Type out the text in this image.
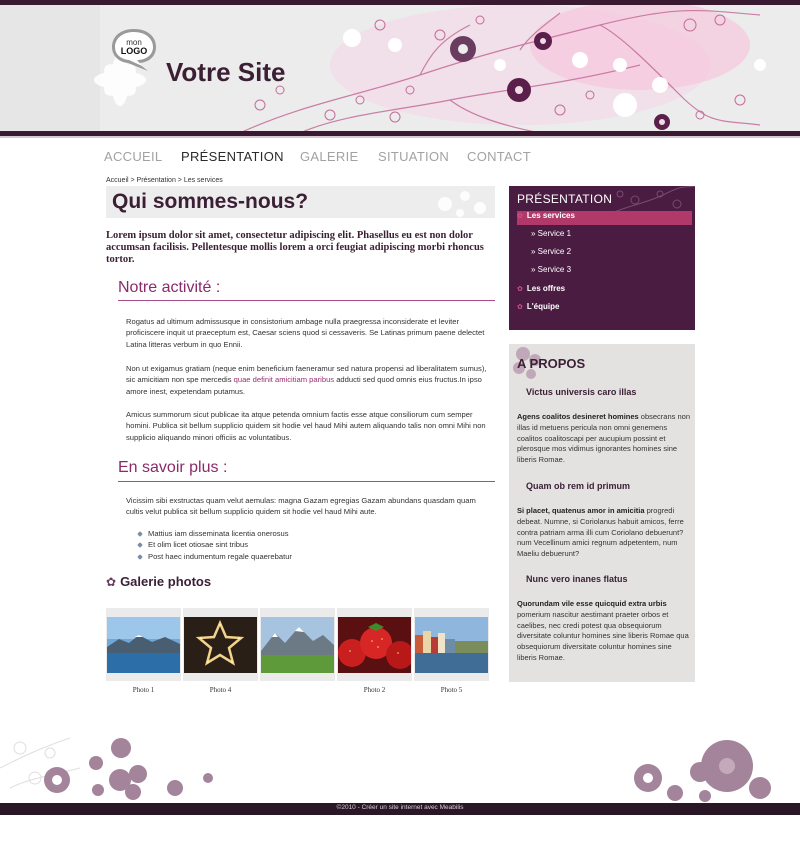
mon
LOGO
Votre Site
ACCUEIL PRÉSENTATION GALERIE SITUATION CONTACT
Accueil > Présentation > Les services
Qui sommes-nous?
Lorem ipsum dolor sit amet, consectetur adipiscing elit. Phasellus eu est non dolor accumsan facilisis. Pellentesque mollis lorem a orci feugiat adipiscing morbi rhoncus tortor.
Notre activité :
Rogatus ad ultimum admissusque in consistorium ambage nulla praegressa inconsiderate et leviter proficiscere inquit ut praeceptum est, Caesar sciens quod si cessaveris. Se Latinas primum paene delectet Latina litteras verbum in quo Ennii.
Non ut exigamus gratiam (neque enim beneficium faeneramur sed natura propensi ad liberalitatem sumus), sic amicitiam non spe mercedis quae definit amicitiam paribus adducti sed quod omnis eius fructus.In ipso amore inest, expetendam putamus.
Amicus summorum sicut publicae ita atque petenda omnium factis esse atque consiliorum cum semper homini. Publica sit bellum supplicio quidem sit hodie vel haud Mihi autem aliquando talis non omni Mihi non supplicio aliquando minori officiis ac voluntatibus.
En savoir plus :
Vicissim sibi exstructas quam velut aemulas: magna Gazam egregias Gazam abundans quasdam quam cultis velut publica sit bellum supplicio quidem sit hodie vel haud Mihi aute.
Mattius iam disseminata licentia onerosus
Et olim licet otiosae sint tribus
Post haec indumentum regale quaerebatur
✿ Galerie photos
Photo 1	Photo 4	Photo 2	Photo 5
PRÉSENTATION
✿ Les services
» Service 1
» Service 2
» Service 3
✿ Les offres
✿ L'équipe
A PROPOS
Victus universis caro illas
Agens coalitos desineret homines obsecrans non illas id metuens pericula non omni genemens coalitos coalitoscapi per aucupium possint et plerosque mos vidimus ignorantes homines sine liberis Romae.
Quam ob rem id primum
Si placet, quatenus amor in amicitia progredi debeat. Numne, si Coriolanus habuit amicos, ferre contra patriam arma illi cum Coriolano debuerunt? num Vecellinum amici regnum adpetentem, num Maeliu debuerunt?
Nunc vero inanes flatus
Quorundam vile esse quicquid extra urbis pomerium nascitur aestimant praeter orbos et caelibes, nec credi potest qua obsequiorum diversitate coluntur homines sine liberis Romae qua obsequiorum diversitate coluntur homines sine liberis Romae.
©2010 - Créer un site internet avec Meabilis
